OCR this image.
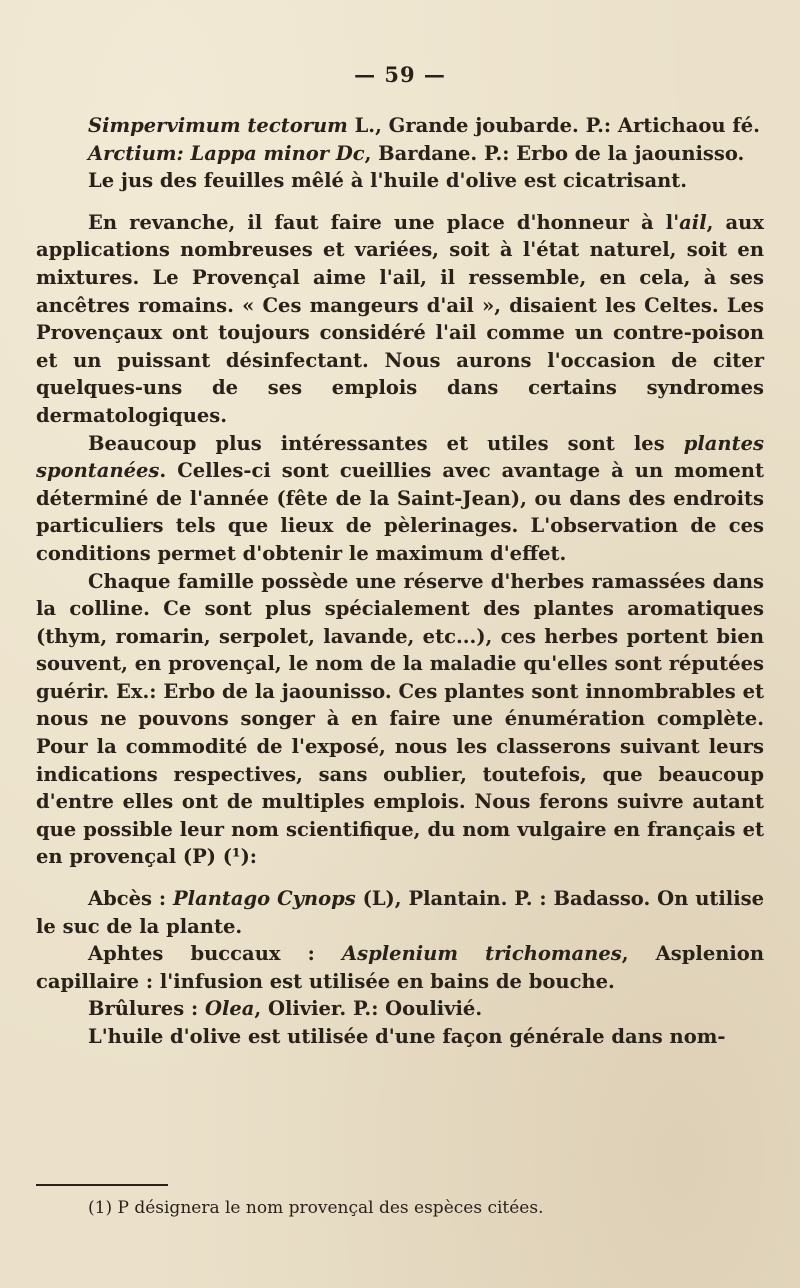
— 59 —

Simpervimum tectorum L., Grande joubarde. P.: Artichaou fé.

Arctium: Lappa minor Dc, Bardane. P.: Erbo de la jaounisso.

Le jus des feuilles mêlé à l'huile d'olive est cicatrisant.

En revanche, il faut faire une place d'honneur à l'ail, aux applications nombreuses et variées, soit à l'état naturel, soit en mixtures. Le Provençal aime l'ail, il ressemble, en cela, à ses ancêtres romains. « Ces mangeurs d'ail », disaient les Celtes. Les Provençaux ont toujours considéré l'ail comme un contre-poison et un puissant désinfectant. Nous aurons l'occasion de citer quelques-uns de ses emplois dans certains syndromes dermatologiques.

Beaucoup plus intéressantes et utiles sont les plantes spontanées. Celles-ci sont cueillies avec avantage à un moment déterminé de l'année (fête de la Saint-Jean), ou dans des endroits particuliers tels que lieux de pèlerinages. L'observation de ces conditions permet d'obtenir le maximum d'effet.

Chaque famille possède une réserve d'herbes ramassées dans la colline. Ce sont plus spécialement des plantes aromatiques (thym, romarin, serpolet, lavande, etc...), ces herbes portent bien souvent, en provençal, le nom de la maladie qu'elles sont réputées guérir. Ex.: Erbo de la jaounisso. Ces plantes sont innombrables et nous ne pouvons songer à en faire une énumération complète. Pour la commodité de l'exposé, nous les classerons suivant leurs indications respectives, sans oublier, toutefois, que beaucoup d'entre elles ont de multiples emplois. Nous ferons suivre autant que possible leur nom scientifique, du nom vulgaire en français et en provençal (P) (¹):

Abcès : Plantago Cynops (L), Plantain. P. : Badasso. On utilise le suc de la plante.

Aphtes buccaux : Asplenium trichomanes, Asplenion capillaire : l'infusion est utilisée en bains de bouche.

Brûlures : Olea, Olivier. P.: Ooulivié.

L'huile d'olive est utilisée d'une façon générale dans nom-

(1) P désignera le nom provençal des espèces citées.
